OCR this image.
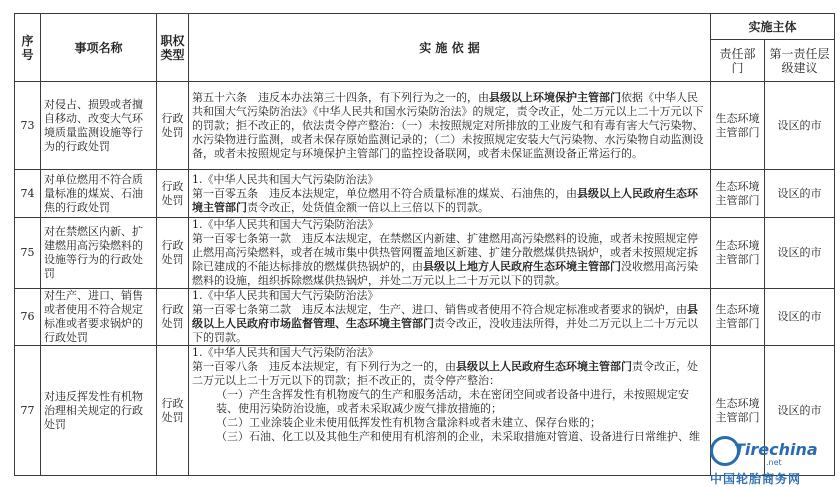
序号	事项名称	职权类型	实 施 依 据	实施主体	
				责任部门	第一责任层级建议
73	对侵占、损毁或者擅自移动、改变大气环境质量监测设施等行为的行政处罚	行政处罚	第五十六条　违反本办法第三十四条，有下列行为之一的，由县级以上环境保护主管部门依据《中华人民共和国大气污染防治法》《中华人民共和国水污染防治法》的规定，责令改正，处二万元以上二十万元以下的罚款；拒不改正的，依法责令停产整治：（一）未按照规定对所排放的工业废气和有毒有害大气污染物、水污染物进行监测，或者未保存原始监测记录的；（二）未按照规定安装大气污染物、水污染物自动监测设备，或者未按照规定与环境保护主管部门的监控设备联网，或者未保证监测设备正常运行的。	生态环境主管部门	设区的市
74	对单位燃用不符合质量标准的煤炭、石油焦的行政处罚	行政处罚	1.《中华人民共和国大气污染防治法》

第一百零五条　违反本法规定，单位燃用不符合质量标准的煤炭、石油焦的，由县级以上人民政府生态环境主管部门责令改正，处货值金额一倍以上三倍以下的罚款。	生态环境主管部门	设区的市
75	对在禁燃区内新、扩建燃用高污染燃料的设施等行为的行政处罚	行政处罚	1.《中华人民共和国大气污染防治法》

第一百零七条第一款　违反本法规定，在禁燃区内新建、扩建燃用高污染燃料的设施，或者未按照规定停止燃用高污染燃料，或者在城市集中供热管网覆盖地区新建、扩建分散燃煤供热锅炉，或者未按照规定拆除已建成的不能达标排放的燃煤供热锅炉的，由县级以上地方人民政府生态环境主管部门没收燃用高污染燃料的设施，组织拆除燃煤供热锅炉，并处二万元以上二十万元以下的罚款。	生态环境主管部门	设区的市
76	对生产、进口、销售或者使用不符合规定标准或者要求锅炉的行政处罚	行政处罚	1.《中华人民共和国大气污染防治法》

第一百零七条第二款　违反本法规定，生产、进口、销售或者使用不符合规定标准或者要求的锅炉，由县级以上人民政府市场监督管理、生态环境主管部门责令改正，没收违法所得，并处二万元以上二十万元以下的罚款。	生态环境主管部门	设区的市
77	对违反挥发性有机物治理相关规定的行政处罚	行政处罚	1.《中华人民共和国大气污染防治法》

第一百零八条　违反本法规定，有下列行为之一的，由县级以上人民政府生态环境主管部门责令改正，处二万元以上二十万元以下的罚款；拒不改正的，责令停产整治：

（一）产生含挥发性有机物废气的生产和服务活动，未在密闭空间或者设备中进行，未按照规定安装、使用污染防治设施，或者未采取减少废气排放措施的；

（二）工业涂装企业未使用低挥发性有机物含量涂料或者未建立、保存台账的；

（三）石油、化工以及其他生产和使用有机溶剂的企业，未采取措施对管道、设备进行日常维护、维	生态环境主管部门	设区的市
Tirechina
.net
中国轮胎商务网
